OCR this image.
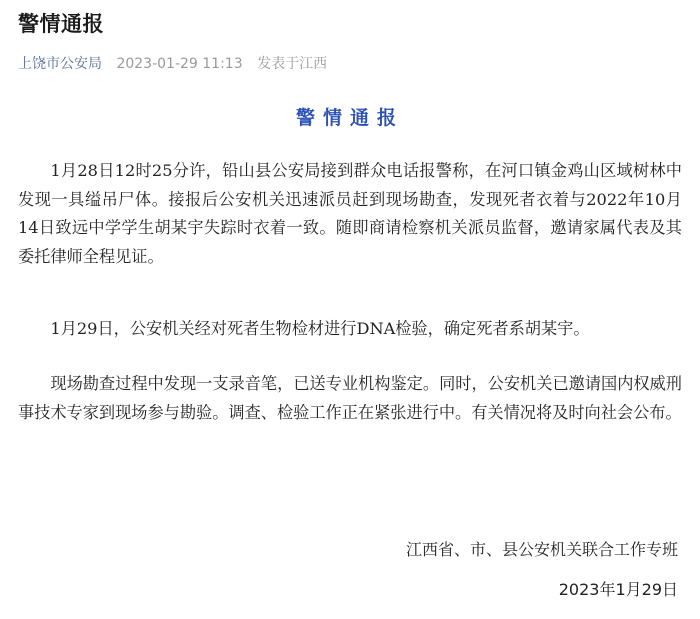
警情通报
上饶市公安局 2023-01-29 11:13 发表于江西
警情通报
1月28日12时25分许，铅山县公安局接到群众电话报警称，在河口镇金鸡山区域树林中发现一具缢吊尸体。接报后公安机关迅速派员赶到现场勘查，发现死者衣着与2022年10月14日致远中学学生胡某宇失踪时衣着一致。随即商请检察机关派员监督，邀请家属代表及其委托律师全程见证。
1月29日，公安机关经对死者生物检材进行DNA检验，确定死者系胡某宇。
现场勘查过程中发现一支录音笔，已送专业机构鉴定。同时，公安机关已邀请国内权威刑事技术专家到现场参与勘验。调查、检验工作正在紧张进行中。有关情况将及时向社会公布。
江西省、市、县公安机关联合工作专班
2023年1月29日
